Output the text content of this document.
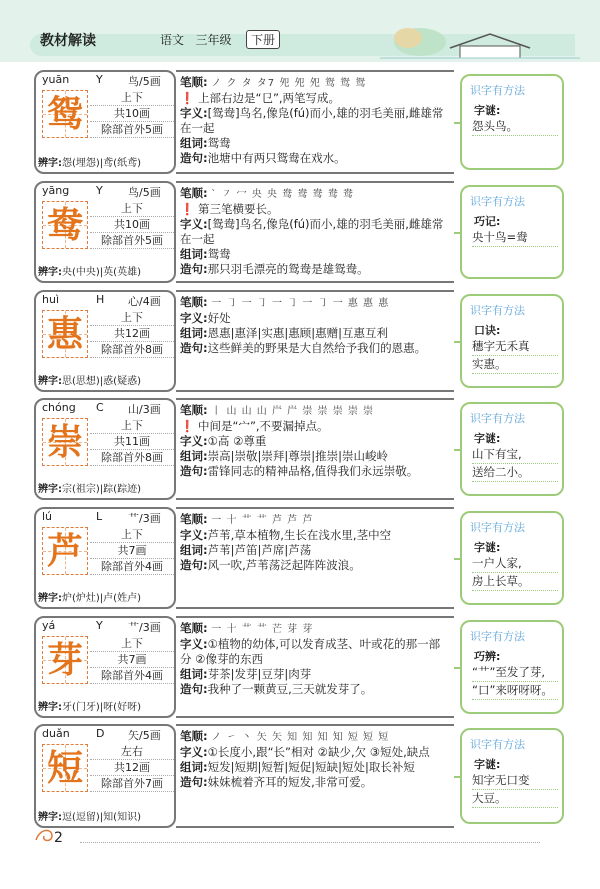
教材解读	语文 三年级	下册
yuān Y 鸟/5画
鸳	上下
共10画
除部首外5画
辨字:怨(埋怨)|鸢(纸鸢)
笔顺: ノ ク タ タ7 夗 夗 夗 鸳 鸳 鸳
❗ 上部右边是“㔾”,两笔写成。
字义:[鸳鸯]鸟名,像凫(fú)而小,雄的羽毛美丽,雌雄常在一起
组词:鸳鸯
造句:池塘中有两只鸳鸯在戏水。
识字有方法
字谜:
怨头鸟。
yāng Y 鸟/5画
鸯	上下
共10画
除部首外5画
辨字:央(中央)|英(英雄)
笔顺: ˋ ㇇ 冖 央 央 鸯 鸯 鸯 鸯 鸯
❗ 第三笔横要长。
字义:[鸳鸯]鸟名,像凫(fú)而小,雄的羽毛美丽,雌雄常在一起
组词:鸳鸯
造句:那只羽毛漂亮的鸳鸯是雄鸳鸯。
识字有方法
巧记:
央十鸟=鸯
huì	H 心/4画
惠	上下
共12画
除部首外8画
辨字:思(思想)|惑(疑惑)
笔顺: 一 ㇆ 一 ㇆ 一 ㇆ 一 ㇆ 一 惠 惠 惠
字义:好处
组词:恩惠|惠泽|实惠|惠顾|惠赠|互惠互利
造句:这些鲜美的野果是大自然给予我们的恩惠。
识字有方法
口诀:
穗字无禾真
实惠。
chóng C 山/3画
崇	上下
共11画
除部首外8画
辨字:宗(祖宗)|踪(踪迹)
笔顺: 丨 山 山 山 屵 屵 崇 崇 崇 崇 崇
❗ 中间是“宀”,不要漏掉点。
字义:①高 ②尊重
组词:崇高|崇敬|崇拜|尊崇|推崇|崇山峻岭
造句:雷锋同志的精神品格,值得我们永远崇敬。
识字有方法
字谜:
山下有宝,
送给二小。
lú	L 艹/3画
芦	上下
共7画
除部首外4画
辨字:炉(炉灶)|卢(姓卢)
笔顺: 一 十 艹 艹 芦 芦 芦
字义:芦苇,草本植物,生长在浅水里,茎中空
组词:芦苇|芦笛|芦席|芦荡
造句:风一吹,芦苇荡泛起阵阵波浪。
识字有方法
字谜:
一户人家,
房上长草。
yá	Y 艹/3画
芽	上下
共7画
除部首外4画
辨字:牙(门牙)|呀(好呀)
笔顺: 一 十 艹 艹 芒 芽 芽
字义:①植物的幼体,可以发育成茎、叶或花的那一部分 ②像芽的东西
组词:芽茶|发芽|豆芽|肉芽
造句:我种了一颗黄豆,三天就发芽了。
识字有方法
巧辨:
“艹”至发了芽,
“口”来呀呀呀。
duǎn D 矢/5画
短	左右
共12画
除部首外7画
辨字:逗(逗留)|知(知识)
笔顺: ノ ㇀ 丶 矢 矢 知 知 知 知 短 短 短
字义:①长度小,跟“长”相对 ②缺少,欠 ③短处,缺点
组词:短发|短期|短暂|短促|短缺|短处|取长补短
造句:妹妹梳着齐耳的短发,非常可爱。
识字有方法
字谜:
知字无口变
大豆。
2
